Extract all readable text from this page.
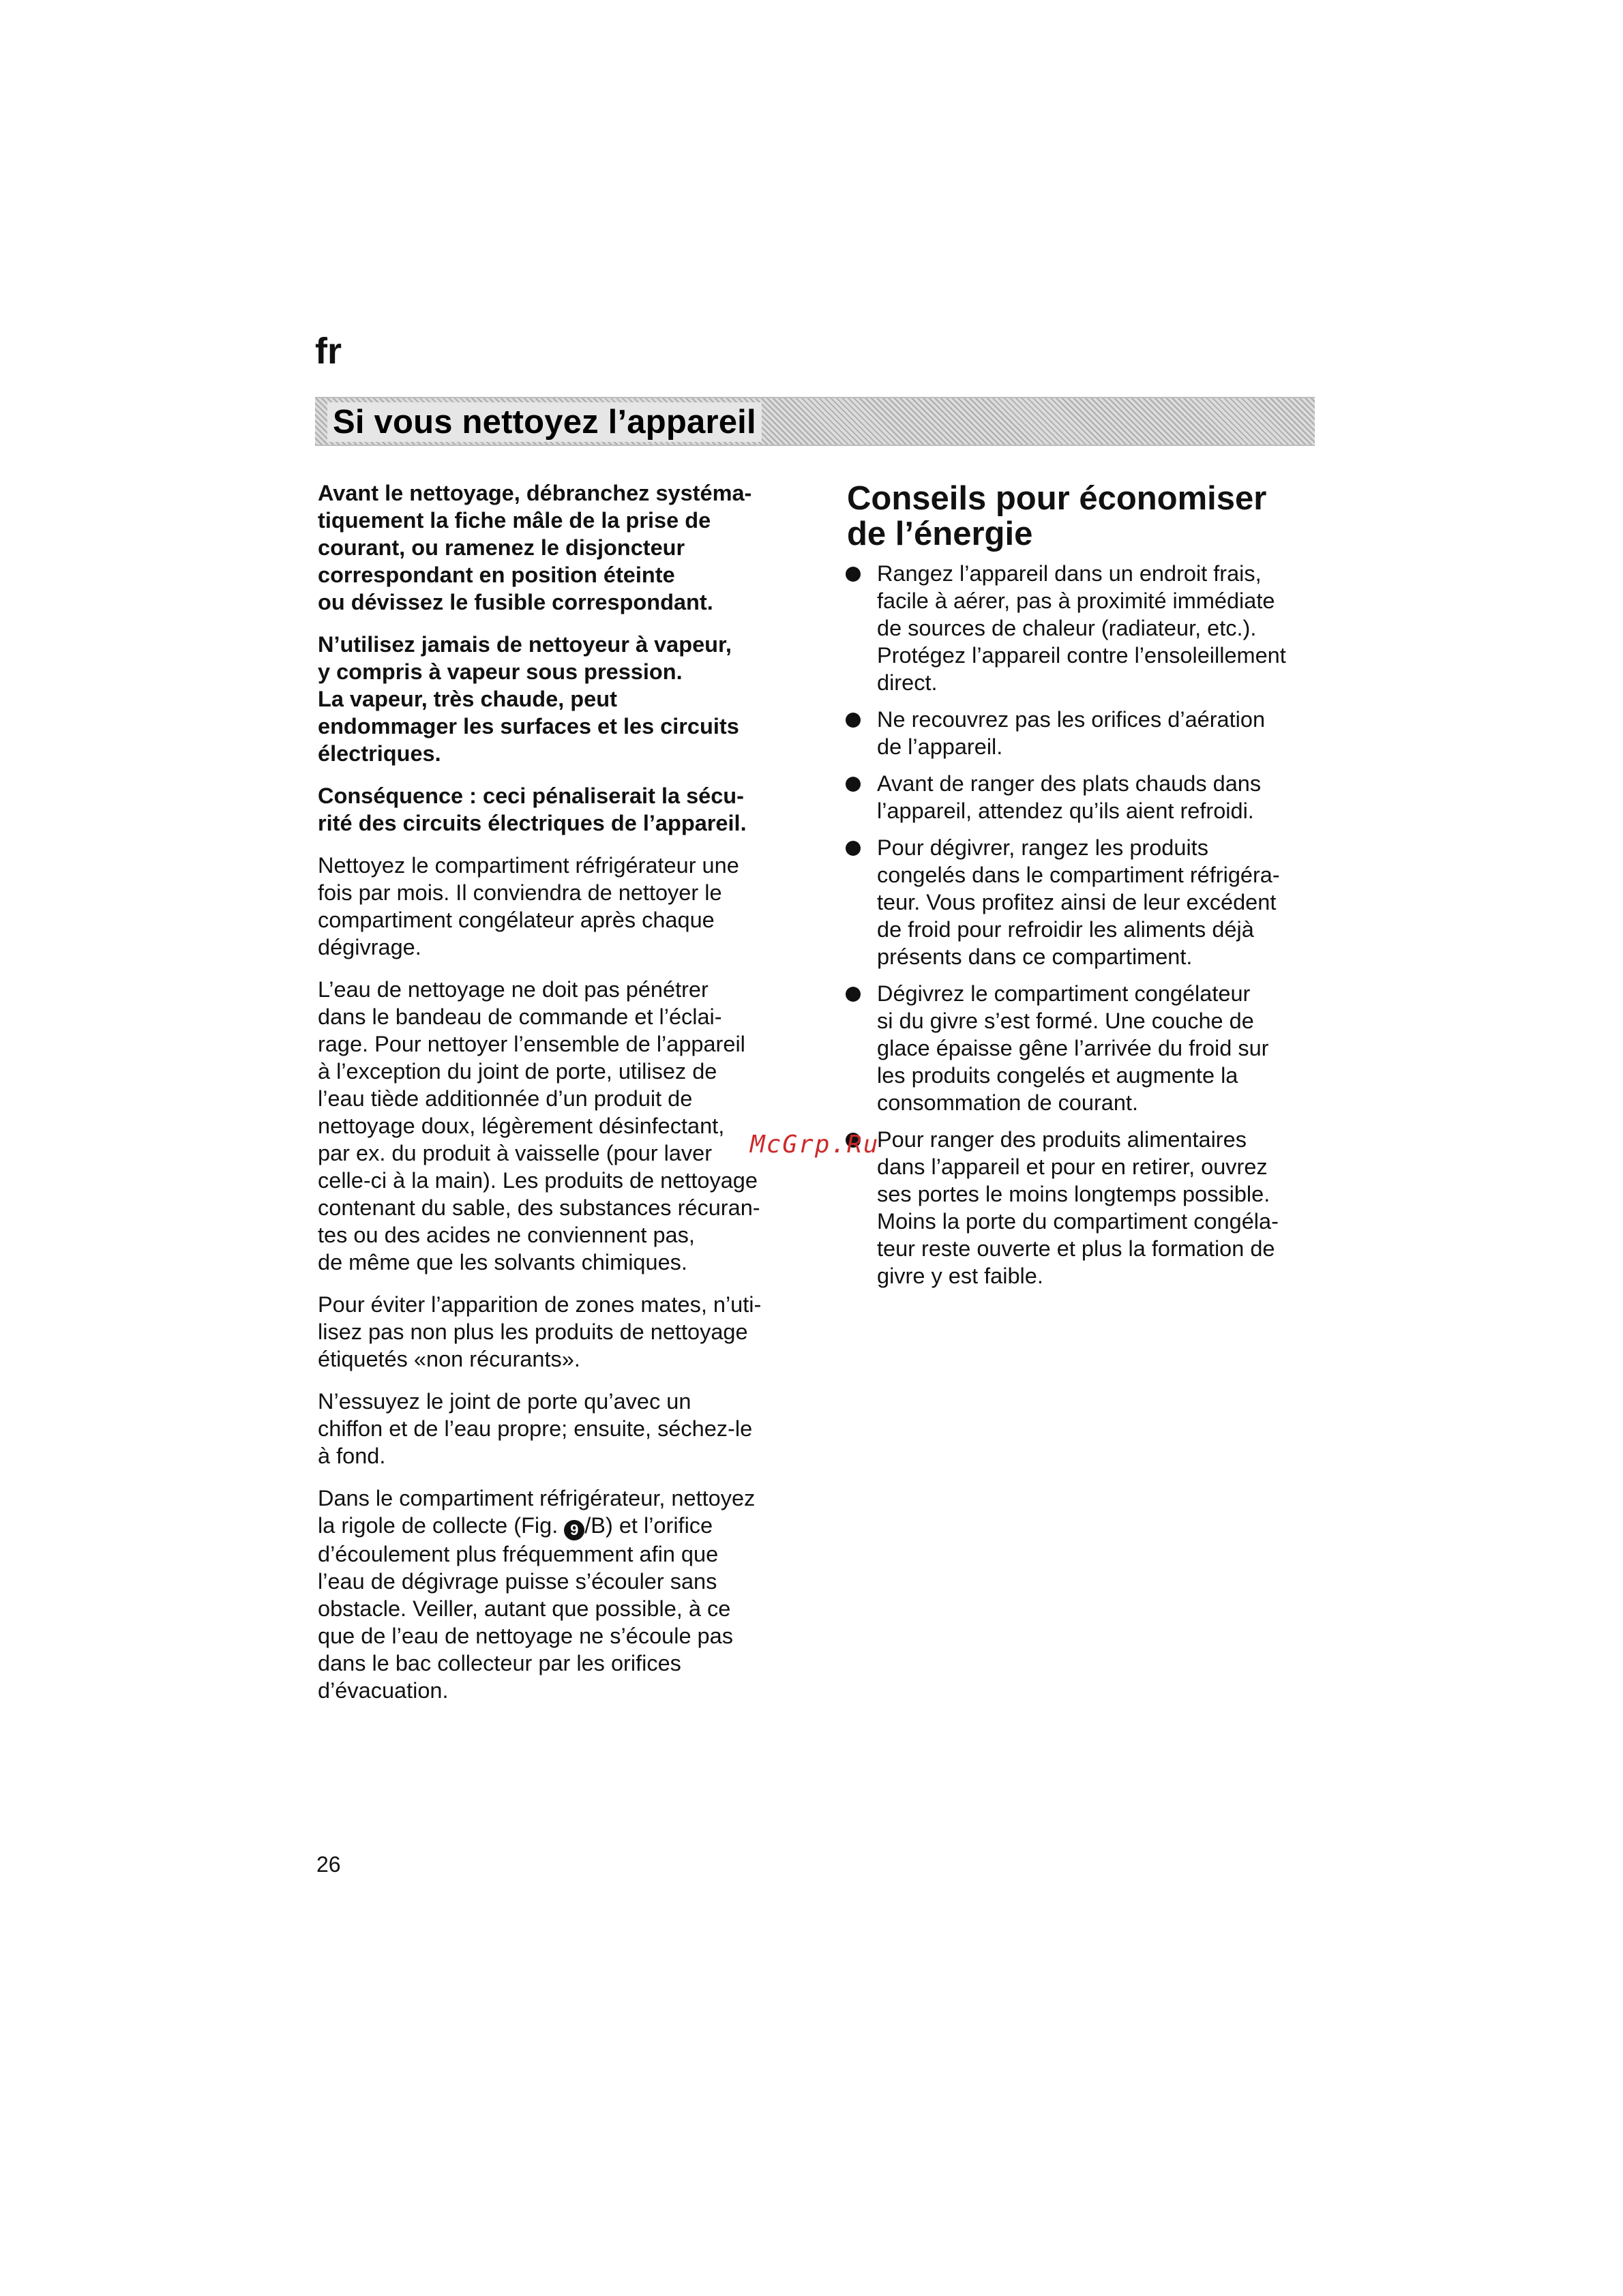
fr
Si vous nettoyez l’appareil

Avant le nettoyage, débranchez systéma-
tiquement la fiche mâle de la prise de
courant, ou ramenez le disjoncteur
correspondant en position éteinte
ou dévissez le fusible correspondant.

N’utilisez jamais de nettoyeur à vapeur,
y compris à vapeur sous pression.
La vapeur, très chaude, peut
endommager les surfaces et les circuits
électriques.

Conséquence : ceci pénaliserait la sécu-
rité des circuits électriques de l’appareil.

Nettoyez le compartiment réfrigérateur une
fois par mois. Il conviendra de nettoyer le
compartiment congélateur après chaque
dégivrage.

L’eau de nettoyage ne doit pas pénétrer
dans le bandeau de commande et l’éclai-
rage. Pour nettoyer l’ensemble de l’appareil
à l’exception du joint de porte, utilisez de
l’eau tiède additionnée d’un produit de
nettoyage doux, légèrement désinfectant,
par ex. du produit à vaisselle (pour laver
celle-ci à la main). Les produits de nettoyage
contenant du sable, des substances récuran-
tes ou des acides ne conviennent pas,
de même que les solvants chimiques.

Pour éviter l’apparition de zones mates, n’uti-
lisez pas non plus les produits de nettoyage
étiquetés «non récurants».

N’essuyez le joint de porte qu’avec un
chiffon et de l’eau propre; ensuite, séchez-le
à fond.

Dans le compartiment réfrigérateur, nettoyez
la rigole de collecte (Fig. 9 /B) et l’orifice
d’écoulement plus fréquemment afin que
l’eau de dégivrage puisse s’écouler sans
obstacle. Veiller, autant que possible, à ce
que de l’eau de nettoyage ne s’écoule pas
dans le bac collecteur par les orifices
d’évacuation.

Conseils pour économiser
de l’énergie
Rangez l’appareil dans un endroit frais,
facile à aérer, pas à proximité immédiate
de sources de chaleur (radiateur, etc.).
Protégez l’appareil contre l’ensoleillement
direct.
Ne recouvrez pas les orifices d’aération
de l’appareil.
Avant de ranger des plats chauds dans
l’appareil, attendez qu’ils aient refroidi.
Pour dégivrer, rangez les produits
congelés dans le compartiment réfrigéra-
teur. Vous profitez ainsi de leur excédent
de froid pour refroidir les aliments déjà
présents dans ce compartiment.
Dégivrez le compartiment congélateur
si du givre s’est formé. Une couche de
glace épaisse gêne l’arrivée du froid sur
les produits congelés et augmente la
consommation de courant.
Pour ranger des produits alimentaires
dans l’appareil et pour en retirer, ouvrez
ses portes le moins longtemps possible.
Moins la porte du compartiment congéla-
teur reste ouverte et plus la formation de
givre y est faible.
McGrp.Ru
26
